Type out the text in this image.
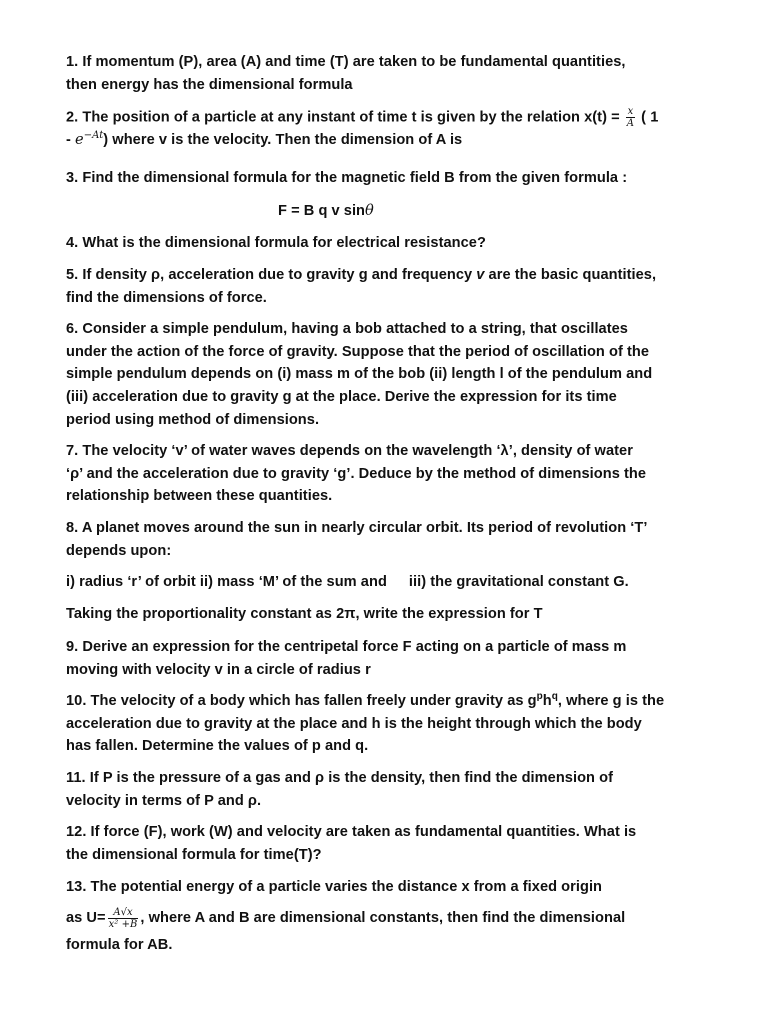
1. If momentum (P), area (A) and time (T) are taken to be fundamental quantities,
then energy has the dimensional formula
2. The position of a particle at any instant of time t is given by the relation $x(t) = \frac{x}{A}$ ( 1
- $e^{-At}$) where v is the velocity. Then the dimension of A is
3. Find the dimensional formula for the magnetic field B from the given formula :
F = B q v sinθ
4. What is the dimensional formula for electrical resistance?
5. If density ρ, acceleration due to gravity g and frequency v are the basic quantities,
find the dimensions of force.
6. Consider a simple pendulum, having a bob attached to a string, that oscillates
under the action of the force of gravity. Suppose that the period of oscillation of the
simple pendulum depends on (i) mass m of the bob (ii) length l of the pendulum and
(iii) acceleration due to gravity g at the place. Derive the expression for its time
period using method of dimensions.
7. The velocity ‘v’ of water waves depends on the wavelength ‘λ’, density of water
‘ρ’ and the acceleration due to gravity ‘g’. Deduce by the method of dimensions the
relationship between these quantities.
8. A planet moves around the sun in nearly circular orbit. Its period of revolution ‘T’
depends upon:
i) radius ‘r’ of orbit ii) mass ‘M’ of the sum and iii) the gravitational constant G.
Taking the proportionality constant as 2π, write the expression for T
9. Derive an expression for the centripetal force F acting on a particle of mass m
moving with velocity v in a circle of radius r
10. The velocity of a body which has fallen freely under gravity as $g^ph^q$, where g is the
acceleration due to gravity at the place and h is the height through which the body
has fallen. Determine the values of p and q.
11. If P is the pressure of a gas and ρ is the density, then find the dimension of
velocity in terms of P and ρ.
12. If force (F), work (W) and velocity are taken as fundamental quantities. What is
the dimensional formula for time(T)?
13. The potential energy of a particle varies the distance x from a fixed origin
as $U= \frac{A√x}{\text{x² +B}}$ , where A and B are dimensional constants, then find the dimensional
formula for AB.
